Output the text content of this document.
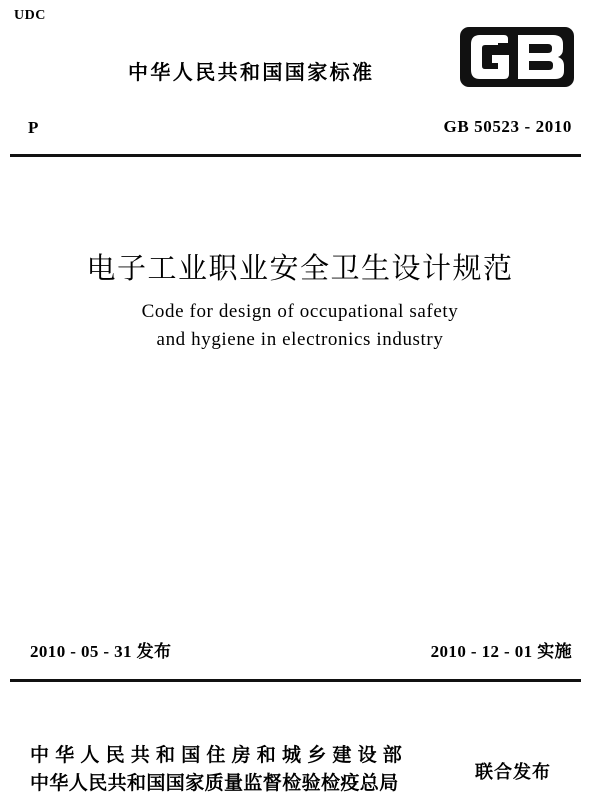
UDC
中华人民共和国国家标准
P	GB 50523 - 2010
电子工业职业安全卫生设计规范
Code for design of occupational safety
and hygiene in electronics industry
2010 - 05 - 31 发布	2010 - 12 - 01 实施
中华人民共和国住房和城乡建设部
中华人民共和国国家质量监督检验检疫总局	联合发布
